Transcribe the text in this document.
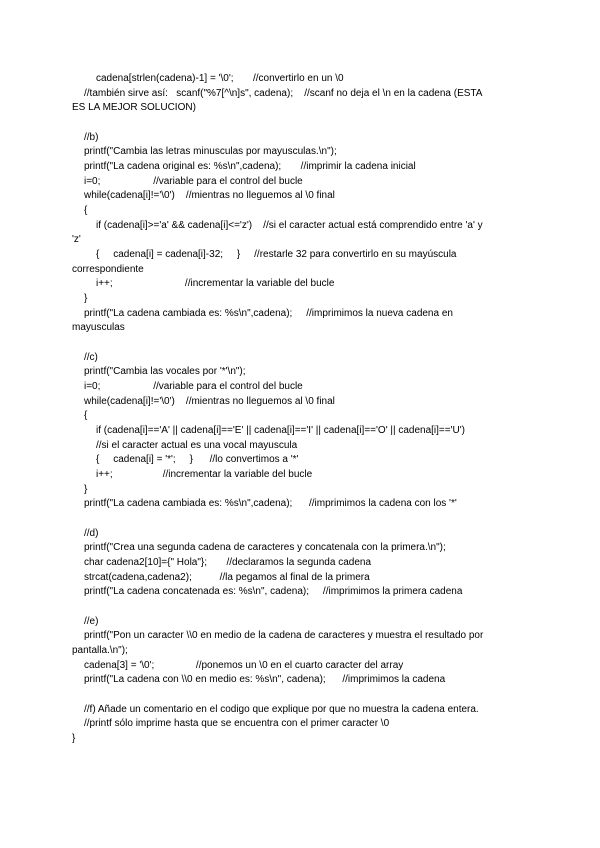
cadena[strlen(cadena)-1] = '\0';       //convertirlo en un \0
//también sirve así:   scanf("%7[^\n]s", cadena);    //scanf no deja el \n en la cadena (ESTA
ES LA MEJOR SOLUCION)
//b)
printf("Cambia las letras minusculas por mayusculas.\n");
printf("La cadena original es: %s\n",cadena);       //imprimir la cadena inicial
i=0;                   //variable para el control del bucle
while(cadena[i]!='\0')    //mientras no lleguemos al \0 final
{
if (cadena[i]>='a' && cadena[i]<='z')    //si el caracter actual está comprendido entre 'a' y
'z'
{     cadena[i] = cadena[i]-32;     }     //restarle 32 para convertirlo en su mayúscula
correspondiente
i++;                          //incrementar la variable del bucle
}
printf("La cadena cambiada es: %s\n",cadena);     //imprimimos la nueva cadena en
mayusculas
//c)
printf("Cambia las vocales por '*'\n");
i=0;                   //variable para el control del bucle
while(cadena[i]!='\0')    //mientras no lleguemos al \0 final
{
if (cadena[i]=='A' || cadena[i]=='E' || cadena[i]=='I' || cadena[i]=='O' || cadena[i]=='U')
//si el caracter actual es una vocal mayuscula
{     cadena[i] = '*';     }      //lo convertimos a '*'
i++;                  //incrementar la variable del bucle
}
printf("La cadena cambiada es: %s\n",cadena);      //imprimimos la cadena con los '*'
//d)
printf("Crea una segunda cadena de caracteres y concatenala con la primera.\n");
char cadena2[10]={" Hola"};       //declaramos la segunda cadena
strcat(cadena,cadena2);          //la pegamos al final de la primera
printf("La cadena concatenada es: %s\n", cadena);     //imprimimos la primera cadena
//e)
printf("Pon un caracter \\0 en medio de la cadena de caracteres y muestra el resultado por
pantalla.\n");
cadena[3] = '\0';               //ponemos un \0 en el cuarto caracter del array
printf("La cadena con \\0 en medio es: %s\n", cadena);      //imprimimos la cadena
//f) Añade un comentario en el codigo que explique por que no muestra la cadena entera.
//printf sólo imprime hasta que se encuentra con el primer caracter \0
}
